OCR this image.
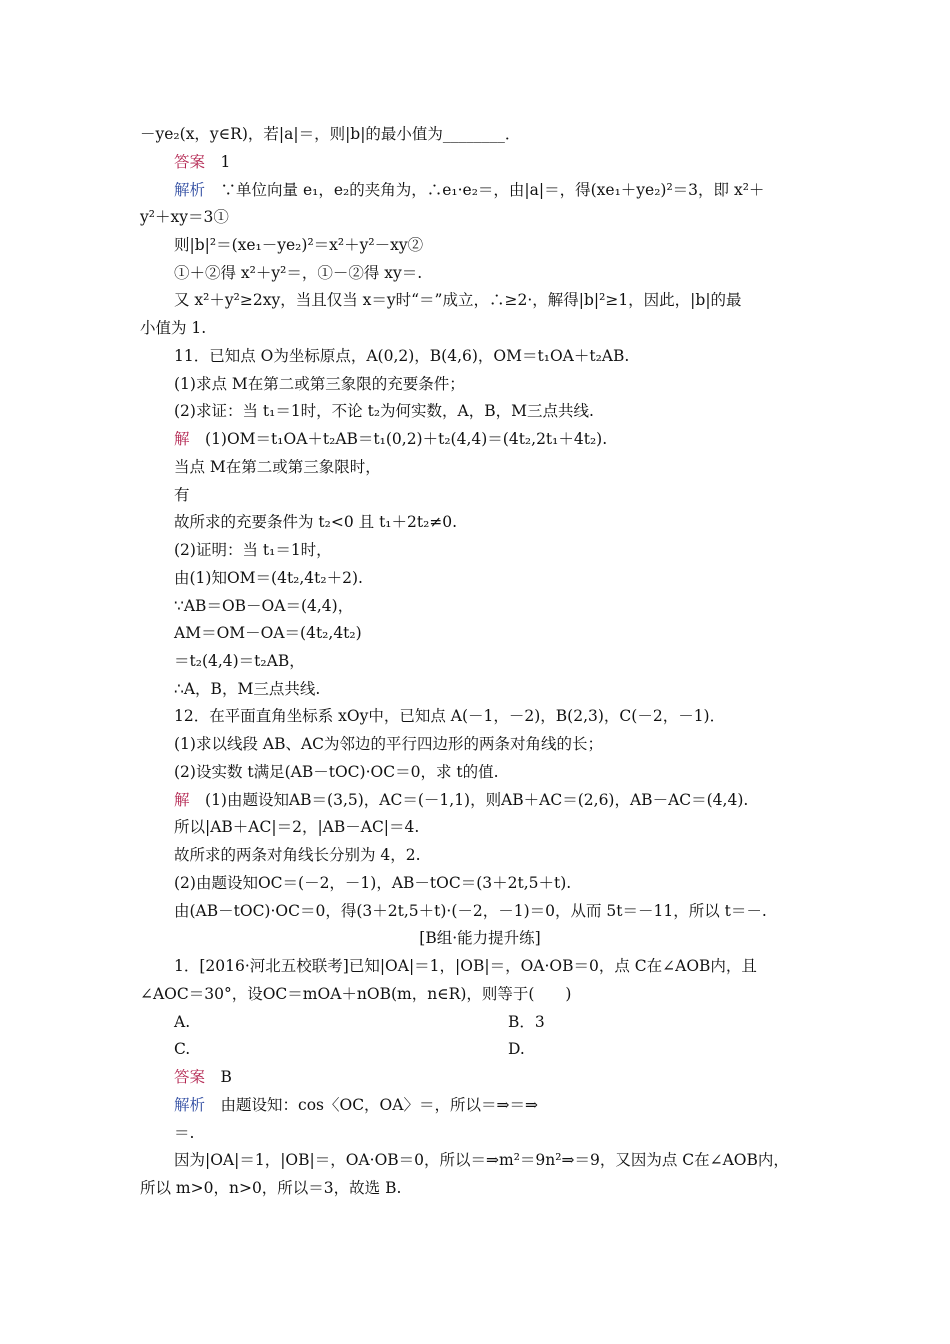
－ye₂(x，y∈R)，若|a|＝，则|b|的最小值为________．
答案　1
解析　∵单位向量 e₁，e₂的夹角为，∴e₁·e₂＝，由|a|＝，得(xe₁＋ye₂)²＝3，即 x²＋
y²＋xy＝3①
则|b|²＝(xe₁－ye₂)²＝x²＋y²－xy②
①＋②得 x²＋y²＝，①－②得 xy＝.
又 x²＋y²≥2xy，当且仅当 x＝y时“＝”成立，∴≥2·，解得|b|²≥1，因此，|b|的最
小值为 1.
11．已知点 O为坐标原点，A(0,2)，B(4,6)，OM＝t₁OA＋t₂AB.
(1)求点 M在第二或第三象限的充要条件；
(2)求证：当 t₁＝1时，不论 t₂为何实数，A，B，M三点共线.
解　(1)OM＝t₁OA＋t₂AB＝t₁(0,2)＋t₂(4,4)＝(4t₂,2t₁＋4t₂).
当点 M在第二或第三象限时，
有
故所求的充要条件为 t₂<0 且 t₁＋2t₂≠0.
(2)证明：当 t₁＝1时，
由(1)知OM＝(4t₂,4t₂＋2).
∵AB＝OB－OA＝(4,4)，
AM＝OM－OA＝(4t₂,4t₂)
＝t₂(4,4)＝t₂AB，
∴A，B，M三点共线.
12．在平面直角坐标系 xOy中，已知点 A(－1，－2)，B(2,3)，C(－2，－1)．
(1)求以线段 AB、AC为邻边的平行四边形的两条对角线的长；
(2)设实数 t满足(AB－tOC)·OC＝0，求 t的值.
解　(1)由题设知AB＝(3,5)，AC＝(－1,1)，则AB＋AC＝(2,6)，AB－AC＝(4,4).
所以|AB＋AC|＝2，|AB－AC|＝4.
故所求的两条对角线长分别为 4，2.
(2)由题设知OC＝(－2，－1)，AB－tOC＝(3＋2t,5＋t).
由(AB－tOC)·OC＝0，得(3＋2t,5＋t)·(－2，－1)＝0，从而 5t＝－11，所以 t＝－.
[B组·能力提升练]
1．[2016·河北五校联考]已知|OA|＝1，|OB|＝，OA·OB＝0，点 C在∠AOB内，且
∠AOC＝30°，设OC＝mOA＋nOB(m，n∈R)，则等于(　　)
A.	B．3
C.	D.
答案　B
解析　由题设知：cos〈OC，OA〉＝，所以＝⇒＝⇒
＝.
因为|OA|＝1，|OB|＝，OA·OB＝0，所以＝⇒m²＝9n²⇒＝9，又因为点 C在∠AOB内，
所以 m>0，n>0，所以＝3，故选 B.
